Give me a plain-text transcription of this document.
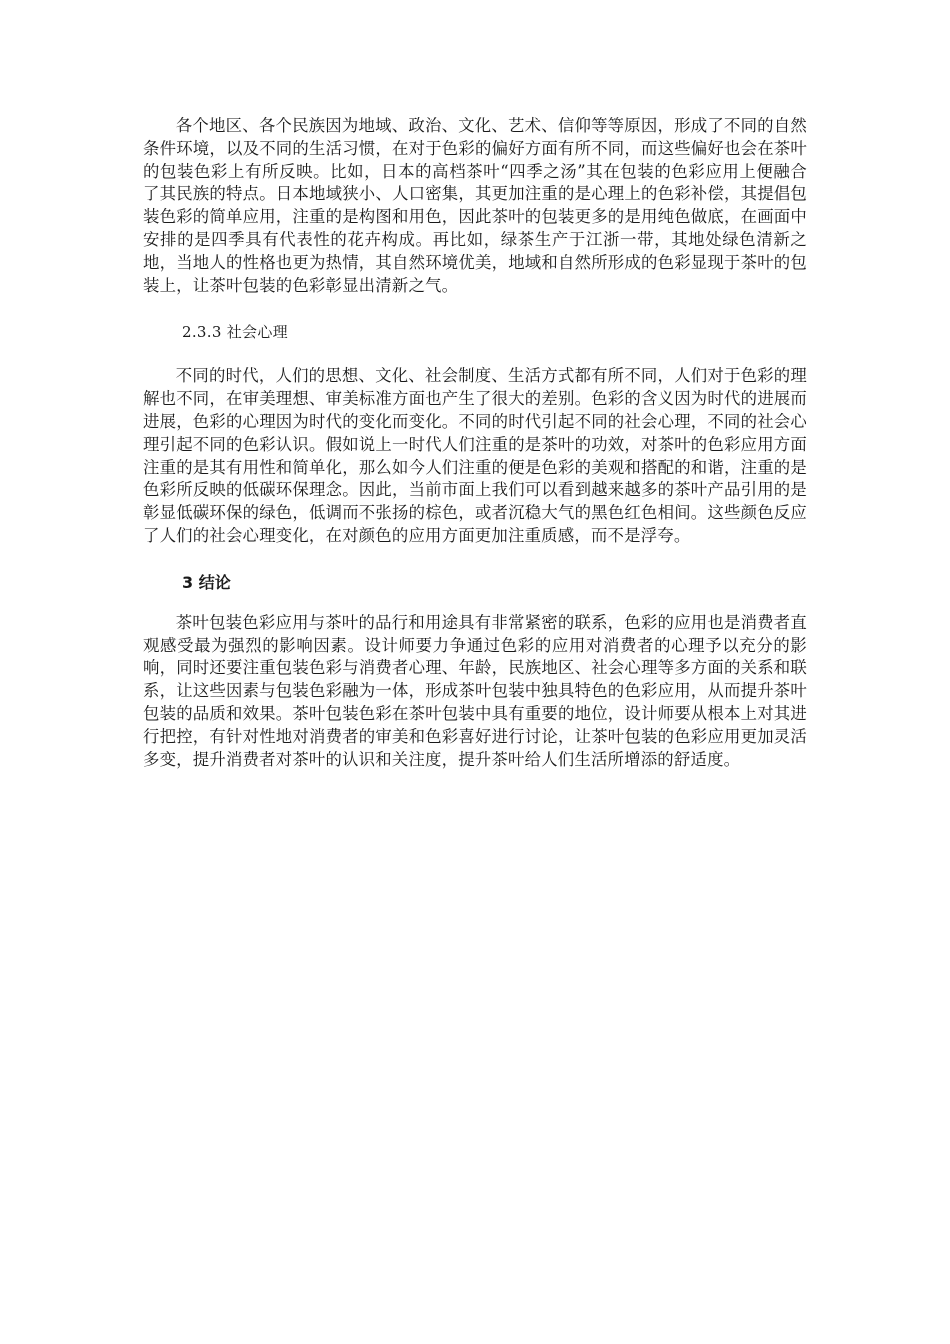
各个地区、各个民族因为地域、政治、文化、艺术、信仰等等原因，形成了不同的自然条件环境，以及不同的生活习惯，在对于色彩的偏好方面有所不同，而这些偏好也会在茶叶的包装色彩上有所反映。比如，日本的高档茶叶“四季之汤”其在包装的色彩应用上便融合了其民族的特点。日本地域狭小、人口密集，其更加注重的是心理上的色彩补偿，其提倡包装色彩的简单应用，注重的是构图和用色，因此茶叶的包装更多的是用纯色做底，在画面中安排的是四季具有代表性的花卉构成。再比如，绿茶生产于江浙一带，其地处绿色清新之地，当地人的性格也更为热情，其自然环境优美，地域和自然所形成的色彩显现于茶叶的包装上，让茶叶包装的色彩彰显出清新之气。

2.3.3 社会心理

不同的时代，人们的思想、文化、社会制度、生活方式都有所不同，人们对于色彩的理解也不同，在审美理想、审美标准方面也产生了很大的差别。色彩的含义因为时代的进展而进展，色彩的心理因为时代的变化而变化。不同的时代引起不同的社会心理，不同的社会心理引起不同的色彩认识。假如说上一时代人们注重的是茶叶的功效，对茶叶的色彩应用方面注重的是其有用性和简单化，那么如今人们注重的便是色彩的美观和搭配的和谐，注重的是色彩所反映的低碳环保理念。因此，当前市面上我们可以看到越来越多的茶叶产品引用的是彰显低碳环保的绿色，低调而不张扬的棕色，或者沉稳大气的黑色红色相间。这些颜色反应了人们的社会心理变化，在对颜色的应用方面更加注重质感，而不是浮夸。

3 结论

茶叶包装色彩应用与茶叶的品行和用途具有非常紧密的联系，色彩的应用也是消费者直观感受最为强烈的影响因素。设计师要力争通过色彩的应用对消费者的心理予以充分的影响，同时还要注重包装色彩与消费者心理、年龄，民族地区、社会心理等多方面的关系和联系，让这些因素与包装色彩融为一体，形成茶叶包装中独具特色的色彩应用，从而提升茶叶包装的品质和效果。茶叶包装色彩在茶叶包装中具有重要的地位，设计师要从根本上对其进行把控，有针对性地对消费者的审美和色彩喜好进行讨论，让茶叶包装的色彩应用更加灵活多变，提升消费者对茶叶的认识和关注度，提升茶叶给人们生活所增添的舒适度。
